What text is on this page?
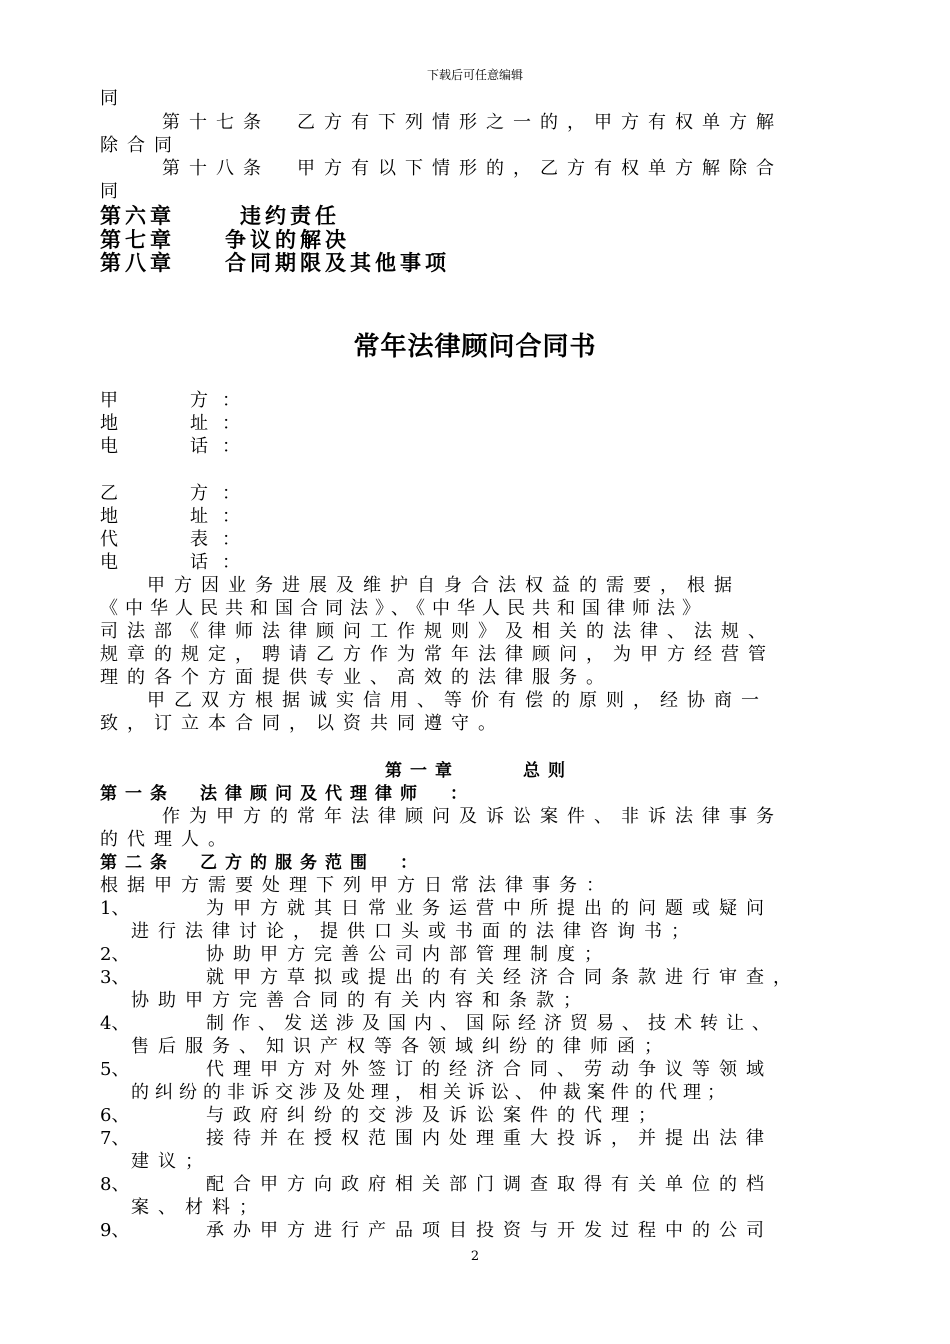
下载后可任意编辑
同
第十七条　乙方有下列情形之一的，甲方有权单方解
除合同
第十八条　甲方有以下情形的，乙方有权单方解除合
同
第六章	违约责任
第七章 争议的解决
第八章 合同期限及其他事项
常年法律顾问合同书
甲	方 ：
地	址 ：
电	话 ：
乙	方 ：
地	址 ：
代	表 ：
电	话 ：
甲方因业务进展及维护自身合法权益的需要，根据
《中华人民共和国合同法》、《中华人民共和国律师法》
司法部《律师法律顾问工作规则》及相关的法律、法规、
规章的规定，聘请乙方作为常年法律顾问，为甲方经营管
理的各个方面提供专业、高效的法律服务。
甲乙双方根据诚实信用、等价有偿的原则，经协商一
致，订立本合同，以资共同遵守。
第一章	总则
第一条　法律顾问及代理律师　：
作为甲方的常年法律顾问及诉讼案件、非诉法律事务
的代理人。
第二条　乙方的服务范围　：
根据甲方需要处理下列甲方日常法律事务：
1、	为甲方就其日常业务运营中所提出的问题或疑问
进行法律讨论，提供口头或书面的法律咨询书；
2、	协助甲方完善公司内部管理制度；
3、	就甲方草拟或提出的有关经济合同条款进行审查，
协助甲方完善合同的有关内容和条款；
4、	制作、发送涉及国内、国际经济贸易、技术转让、
售后服务、知识产权等各领域纠纷的律师函；
5、	代理甲方对外签订的经济合同、劳动争议等领域
的纠纷的非诉交涉及处理，相关诉讼、仲裁案件的代理；
6、	与政府纠纷的交涉及诉讼案件的代理；
7、	接待并在授权范围内处理重大投诉，并提出法律
建议；
8、	配合甲方向政府相关部门调查取得有关单位的档
案、材料；
9、	承办甲方进行产品项目投资与开发过程中的公司
2
